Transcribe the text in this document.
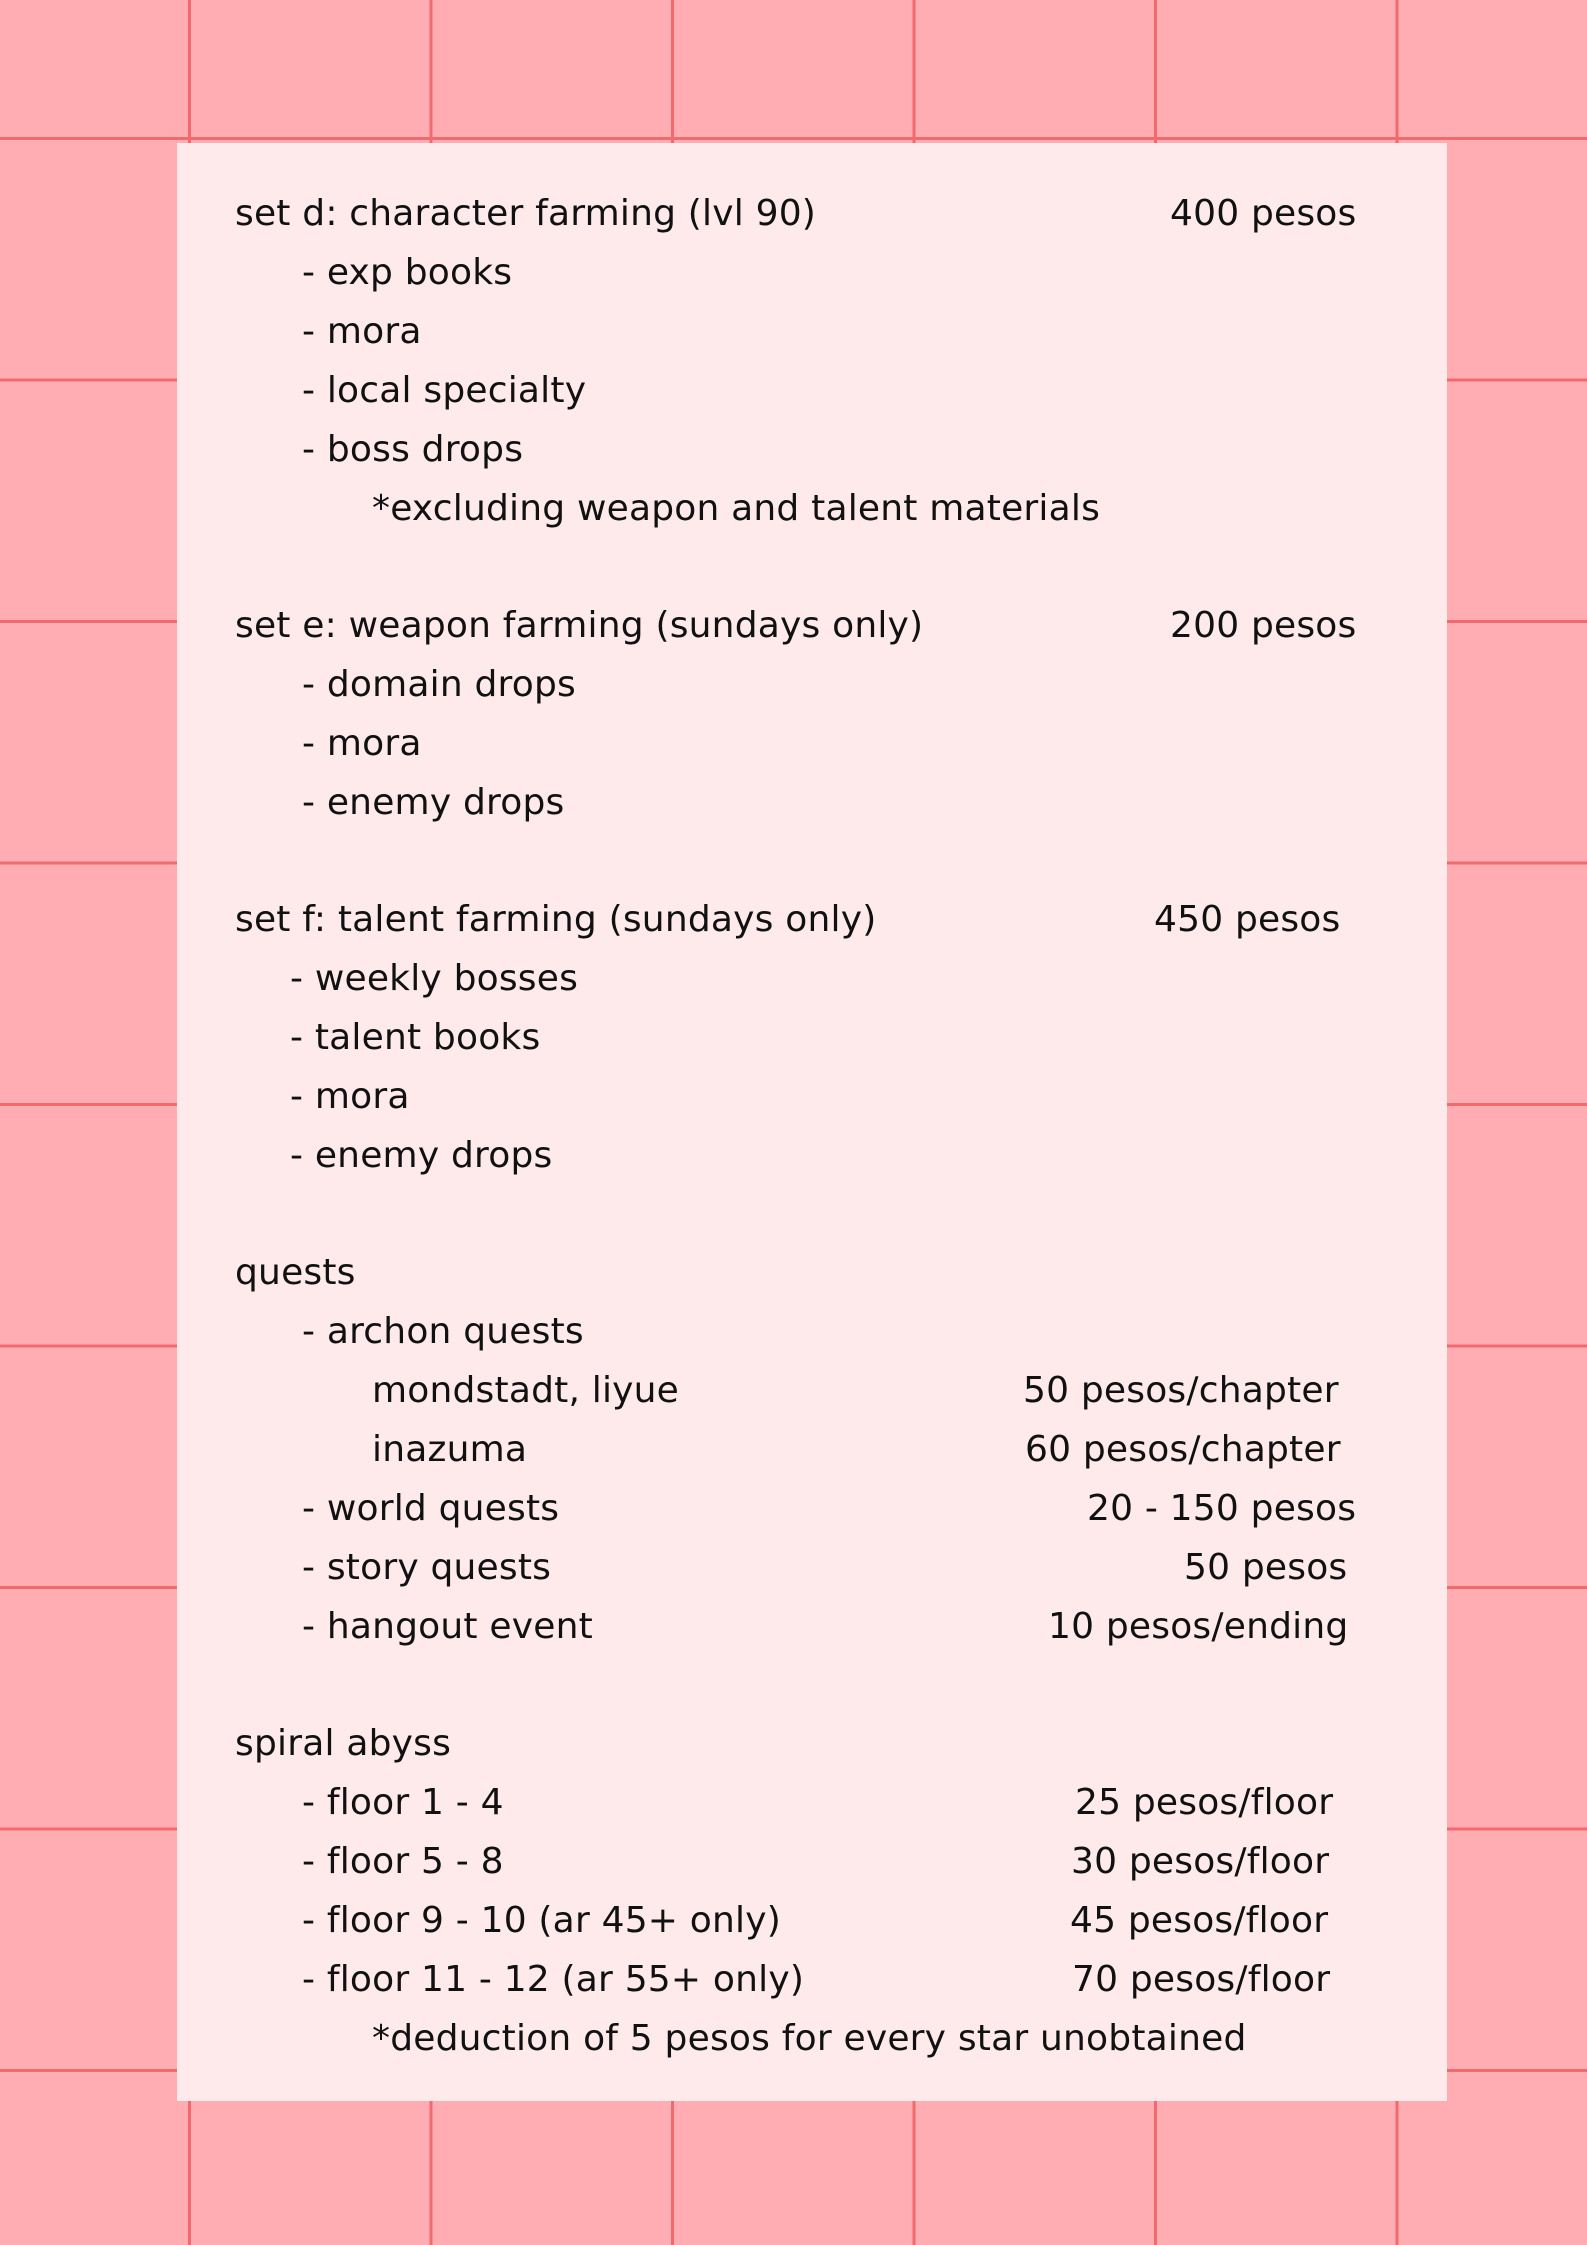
set d: character farming (lvl 90)	400 pesos
- exp books
- mora
- local specialty
- boss drops
*excluding weapon and talent materials
set e: weapon farming (sundays only)	200 pesos
- domain drops
- mora
- enemy drops
set f: talent farming (sundays only)	450 pesos
- weekly bosses
- talent books
- mora
- enemy drops
quests
- archon quests
mondstadt, liyue	50 pesos/chapter
inazuma	60 pesos/chapter
- world quests	20 - 150 pesos
- story quests	50 pesos
- hangout event	10 pesos/ending
spiral abyss
- floor 1 - 4	25 pesos/floor
- floor 5 - 8	30 pesos/floor
- floor 9 - 10 (ar 45+ only)	45 pesos/floor
- floor 11 - 12 (ar 55+ only)	70 pesos/floor
*deduction of 5 pesos for every star unobtained
